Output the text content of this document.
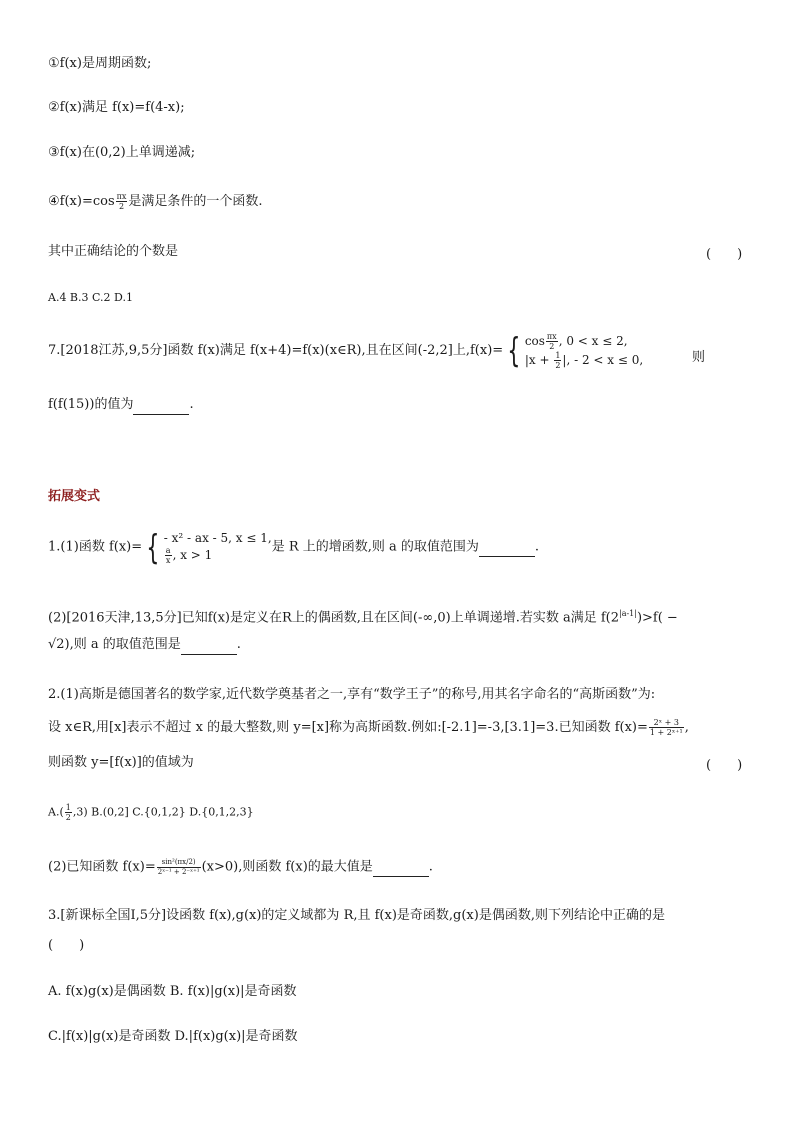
①f(x)是周期函数;
②f(x)满足 f(x)=f(4-x);
③f(x)在(0,2)上单调递减;
④f(x)=cos $\frac{\pi x}{2}$ 是满足条件的一个函数.
其中正确结论的个数是	(　　)
A.4 B.3 C.2 D.1
7.[2018江苏,9,5分]函数 f(x)满足 f(x+4)=f(x)(x∈R),且在区间(-2,2]上,f(x)= { $\cos \frac{\pi x}{2}$ , 0 < x ≤ 2,
$|x + \frac{1}{2}$ |, - 2 < x ≤ 0,	则
f(f(15))的值为	.
拓展变式
1.(1)函数 f(x)= { - x² - ax - 5, x ≤ 1,
$\frac{a}{x}$ , x > 1
是 R 上的增函数,则 a 的取值范围为	.
(2)[2016天津,13,5分]已知f(x)是定义在R上的偶函数,且在区间(-∞,0)上单调递增.若实数 a满足 $f(2^{|a-1|})>f$( −
√2),则 a 的取值范围是	.
2.(1)高斯是德国著名的数学家,近代数学奠基者之一,享有“数学王子”的称号,用其名字命名的“高斯函数”为:
设 x∈R,用[x]表示不超过 x 的最大整数,则 y=[x]称为高斯函数.例如:[-2.1]=-3,[3.1]=3.已知函数 $f(x)= \frac{\text{2ˣ + 3}}{\text{1 + 2ˣ⁺¹}}$ ,
则函数 y=[f(x)]的值域为	(　　)
$A.( \frac{1}{2} ,3)$ B.(0,2] C.{0,1,2} D.{0,1,2,3}
(2)已知函数 $f(x)= \frac{\text{sin²(πx/2)}}{\text{2ˣ⁻¹ + 2⁻ˣ⁺¹}} (x>0)$,则函数 f(x)的最大值是	.
3.[新课标全国Ⅰ,5分]设函数 f(x),g(x)的定义域都为 R,且 f(x)是奇函数,g(x)是偶函数,则下列结论中正确的是
(　　)
A. f(x)g(x)是偶函数 B. f(x)|g(x)|是奇函数
C.|f(x)|g(x)是奇函数 D.|f(x)g(x)|是奇函数
